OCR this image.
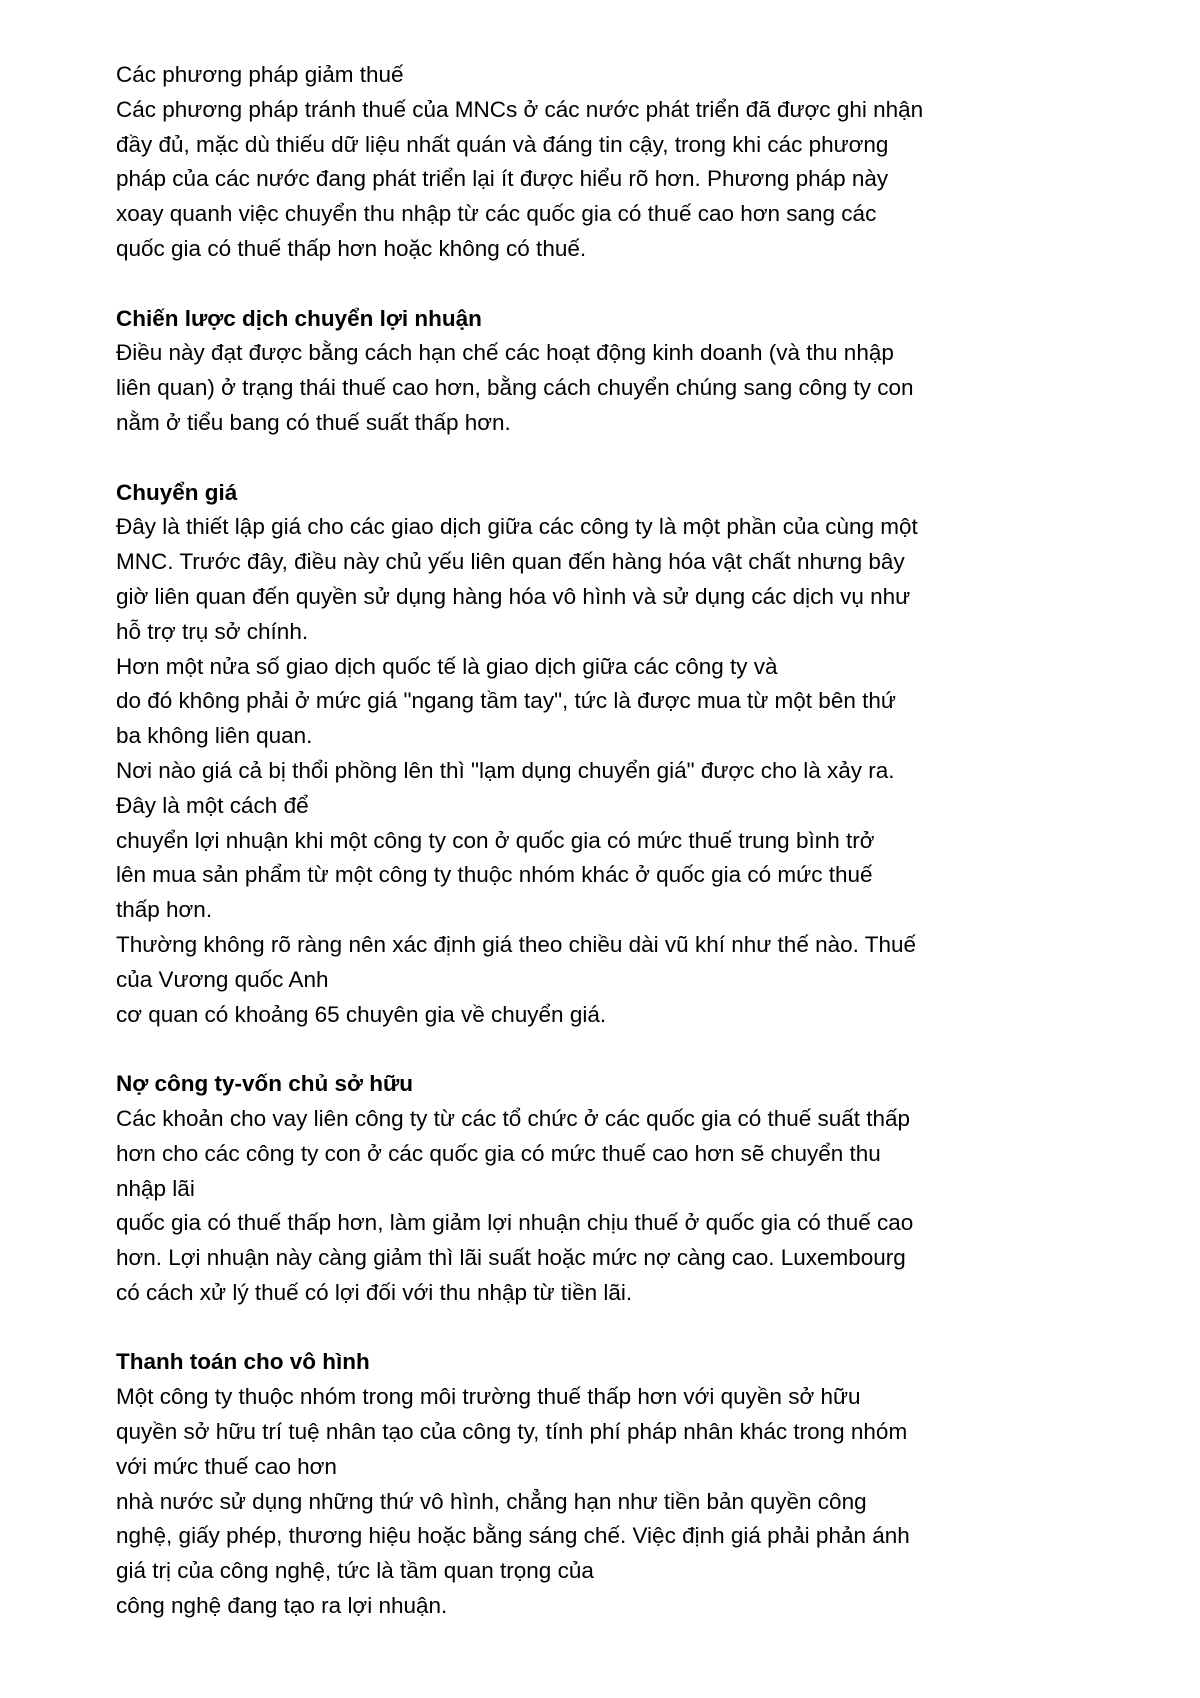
Các phương pháp giảm thuế
Các phương pháp tránh thuế của MNCs ở các nước phát triển đã được ghi nhận
đầy đủ, mặc dù thiếu dữ liệu nhất quán và đáng tin cậy, trong khi các phương
pháp của các nước đang phát triển lại ít được hiểu rõ hơn. Phương pháp này
xoay quanh việc chuyển thu nhập từ các quốc gia có thuế cao hơn sang các
quốc gia có thuế thấp hơn hoặc không có thuế.
Chiến lược dịch chuyển lợi nhuận
Điều này đạt được bằng cách hạn chế các hoạt động kinh doanh (và thu nhập
liên quan) ở trạng thái thuế cao hơn, bằng cách chuyển chúng sang công ty con
nằm ở tiểu bang có thuế suất thấp hơn.
Chuyển giá
Đây là thiết lập giá cho các giao dịch giữa các công ty là một phần của cùng một
MNC. Trước đây, điều này chủ yếu liên quan đến hàng hóa vật chất nhưng bây
giờ liên quan đến quyền sử dụng hàng hóa vô hình và sử dụng các dịch vụ như
hỗ trợ trụ sở chính.
Hơn một nửa số giao dịch quốc tế là giao dịch giữa các công ty và
do đó không phải ở mức giá "ngang tầm tay", tức là được mua từ một bên thứ
ba không liên quan.
Nơi nào giá cả bị thổi phồng lên thì "lạm dụng chuyển giá" được cho là xảy ra.
Đây là một cách để
chuyển lợi nhuận khi một công ty con ở quốc gia có mức thuế trung bình trở
lên mua sản phẩm từ một công ty thuộc nhóm khác ở quốc gia có mức thuế
thấp hơn.
Thường không rõ ràng nên xác định giá theo chiều dài vũ khí như thế nào. Thuế
của Vương quốc Anh
cơ quan có khoảng 65 chuyên gia về chuyển giá.
Nợ công ty-vốn chủ sở hữu
Các khoản cho vay liên công ty từ các tổ chức ở các quốc gia có thuế suất thấp
hơn cho các công ty con ở các quốc gia có mức thuế cao hơn sẽ chuyển thu
nhập lãi
quốc gia có thuế thấp hơn, làm giảm lợi nhuận chịu thuế ở quốc gia có thuế cao
hơn. Lợi nhuận này càng giảm thì lãi suất hoặc mức nợ càng cao. Luxembourg
có cách xử lý thuế có lợi đối với thu nhập từ tiền lãi.
Thanh toán cho vô hình
Một công ty thuộc nhóm trong môi trường thuế thấp hơn với quyền sở hữu
quyền sở hữu trí tuệ nhân tạo của công ty, tính phí pháp nhân khác trong nhóm
với mức thuế cao hơn
nhà nước sử dụng những thứ vô hình, chẳng hạn như tiền bản quyền công
nghệ, giấy phép, thương hiệu hoặc bằng sáng chế. Việc định giá phải phản ánh
giá trị của công nghệ, tức là tầm quan trọng của
công nghệ đang tạo ra lợi nhuận.
